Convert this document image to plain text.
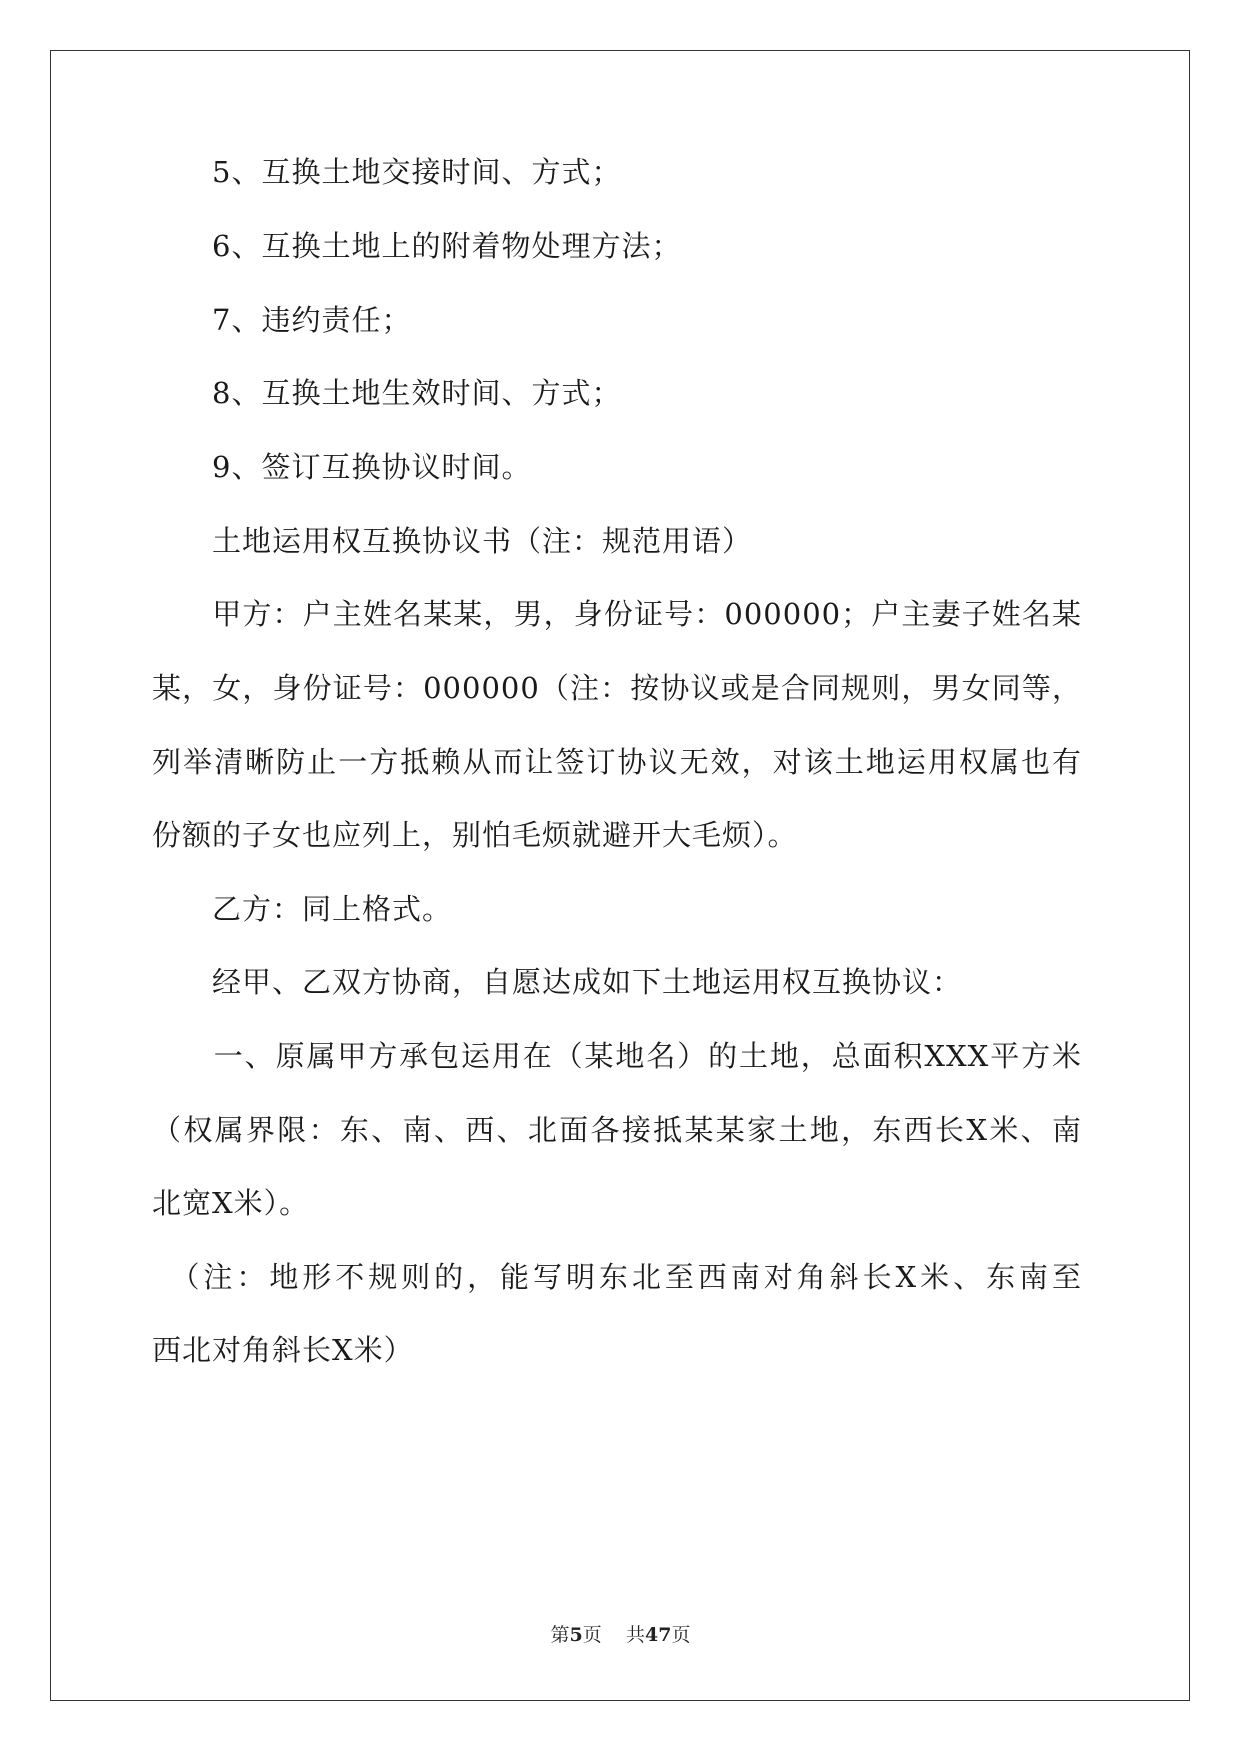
　　5、互换土地交接时间、方式；
　　6、互换土地上的附着物处理方法；
　　7、违约责任；
　　8、互换土地生效时间、方式；
　　9、签订互换协议时间。
　　土地运用权互换协议书（注：规范用语）
　　甲方：户主姓名某某，男，身份证号：000000；户主妻子姓名某
某，女，身份证号：000000（注：按协议或是合同规则，男女同等，
列举清晰防止一方抵赖从而让签订协议无效，对该土地运用权属也有
份额的子女也应列上，别怕毛烦就避开大毛烦）。
　　乙方：同上格式。
　　经甲、乙双方协商，自愿达成如下土地运用权互换协议：
　　一、原属甲方承包运用在（某地名）的土地，总面积XXX平方米
（权属界限：东、南、西、北面各接抵某某家土地，东西长X米、南
北宽X米）。
　（注：地形不规则的，能写明东北至西南对角斜长X米、东南至
西北对角斜长X米）
第5页 共47页
